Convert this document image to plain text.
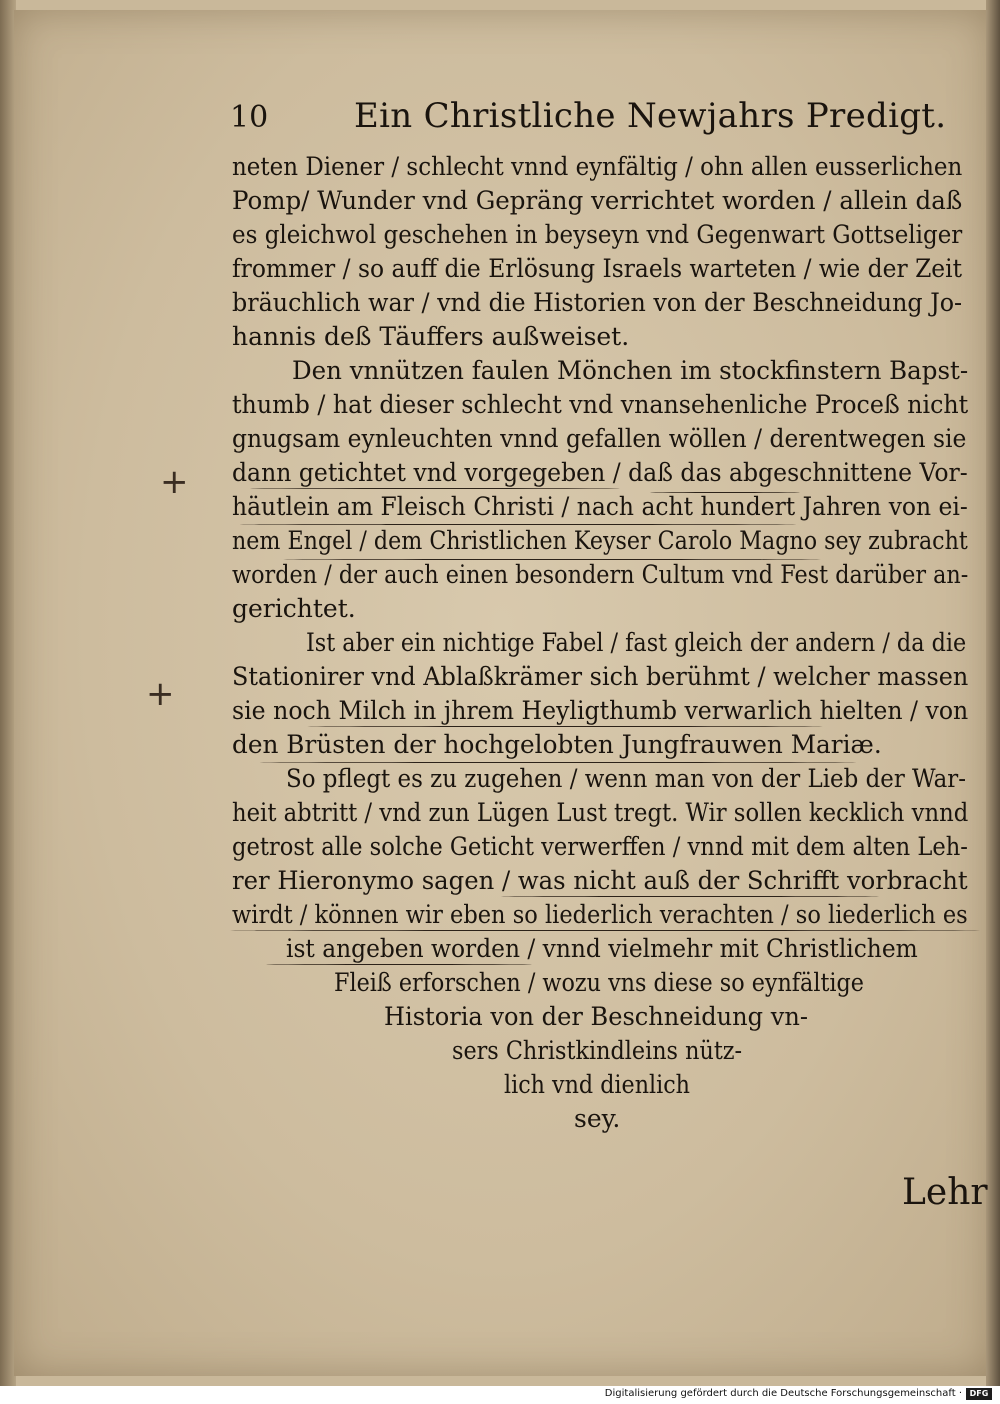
10	Ein Christliche Newjahrs Predigt.
neten Diener / schlecht vnnd eynfältig / ohn allen eusserlichen
Pomp/ Wunder vnd Gepräng verrichtet worden / allein daß
es gleichwol geschehen in beyseyn vnd Gegenwart Gottseliger
frommer / so auff die Erlösung Israels warteten / wie der Zeit
bräuchlich war / vnd die Historien von der Beschneidung Jo-
hannis deß Täuffers außweiset.
Den vnnützen faulen Mönchen im stockfinstern Bapst-
thumb / hat dieser schlecht vnd vnansehenliche Proceß nicht
gnugsam eynleuchten vnnd gefallen wöllen / derentwegen sie
dann getichtet vnd vorgegeben / daß das abgeschnittene Vor-
häutlein am Fleisch Christi / nach acht hundert Jahren von ei-
nem Engel / dem Christlichen Keyser Carolo Magno sey zubracht
worden / der auch einen besondern Cultum vnd Fest darüber an-
gerichtet.
Ist aber ein nichtige Fabel / fast gleich der andern / da die
Stationirer vnd Ablaßkrämer sich berühmt / welcher massen
sie noch Milch in jhrem Heyligthumb verwarlich hielten / von
den Brüsten der hochgelobten Jungfrauwen Mariæ.
So pflegt es zu zugehen / wenn man von der Lieb der War-
heit abtritt / vnd zun Lügen Lust tregt. Wir sollen kecklich vnnd
getrost alle solche Geticht verwerffen / vnnd mit dem alten Leh-
rer Hieronymo sagen / was nicht auß der Schrifft vorbracht
wirdt / können wir eben so liederlich verachten / so liederlich es
ist angeben worden / vnnd vielmehr mit Christlichem
Fleiß erforschen / wozu vns diese so eynfältige
Historia von der Beschneidung vn-
sers Christkindleins nütz-
lich vnd dienlich
sey.
+
+
Lehr
Digitalisierung gefördert durch die Deutsche Forschungsgemeinschaft · DFG
